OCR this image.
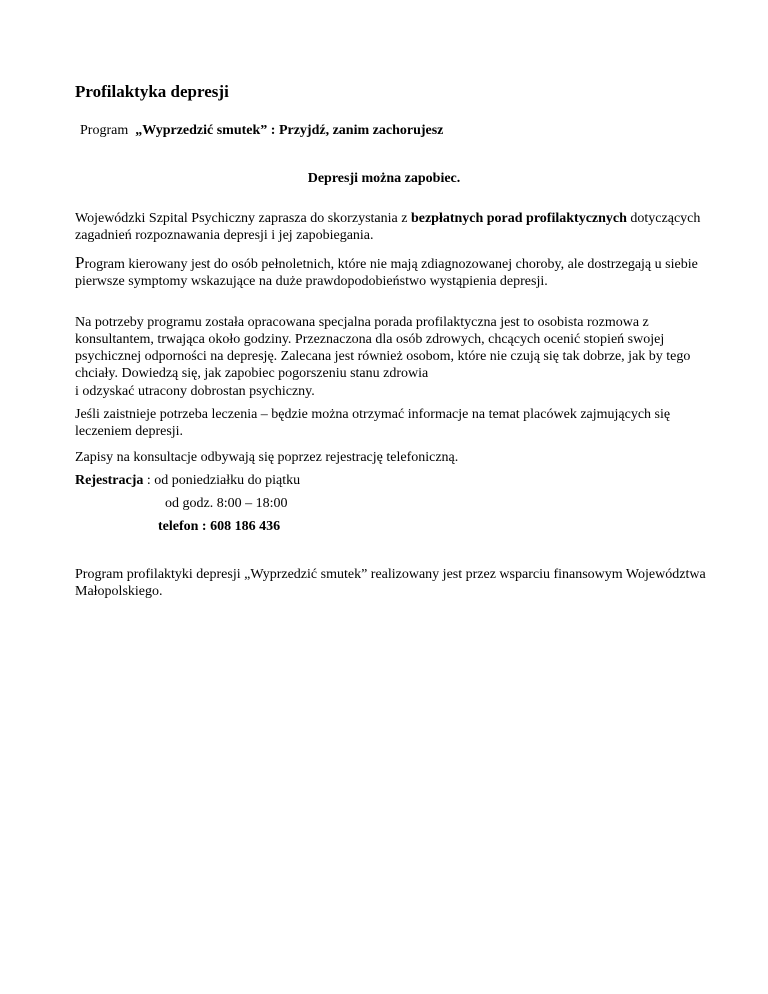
Profilaktyka depresji
Program „Wyprzedzić smutek” : Przyjdź, zanim zachorujesz
Depresji można zapobiec.

Wojewódzki Szpital Psychiczny zaprasza do skorzystania z bezpłatnych porad profilaktycznych dotyczących zagadnień rozpoznawania depresji i jej zapobiegania.

Program kierowany jest do osób pełnoletnich, które nie mają zdiagnozowanej choroby, ale dostrzegają u siebie pierwsze symptomy wskazujące na duże prawdopodobieństwo wystąpienia depresji.

Na potrzeby programu została opracowana specjalna porada profilaktyczna jest to osobista rozmowa z konsultantem, trwająca około godziny. Przeznaczona dla osób zdrowych, chcących ocenić stopień swojej psychicznej odporności na depresję. Zalecana jest również osobom, które nie czują się tak dobrze, jak by tego chciały. Dowiedzą się, jak zapobiec pogorszeniu stanu zdrowia

i odzyskać utracony dobrostan psychiczny.

Jeśli zaistnieje potrzeba leczenia – będzie można otrzymać informacje na temat placówek zajmujących się leczeniem depresji.

Zapisy na konsultacje odbywają się poprzez rejestrację telefoniczną.

Rejestracja : od poniedziałku do piątku
od godz. 8:00 – 18:00
telefon : 608 186 436

Program profilaktyki depresji „Wyprzedzić smutek” realizowany jest przez wsparciu finansowym Województwa Małopolskiego.
